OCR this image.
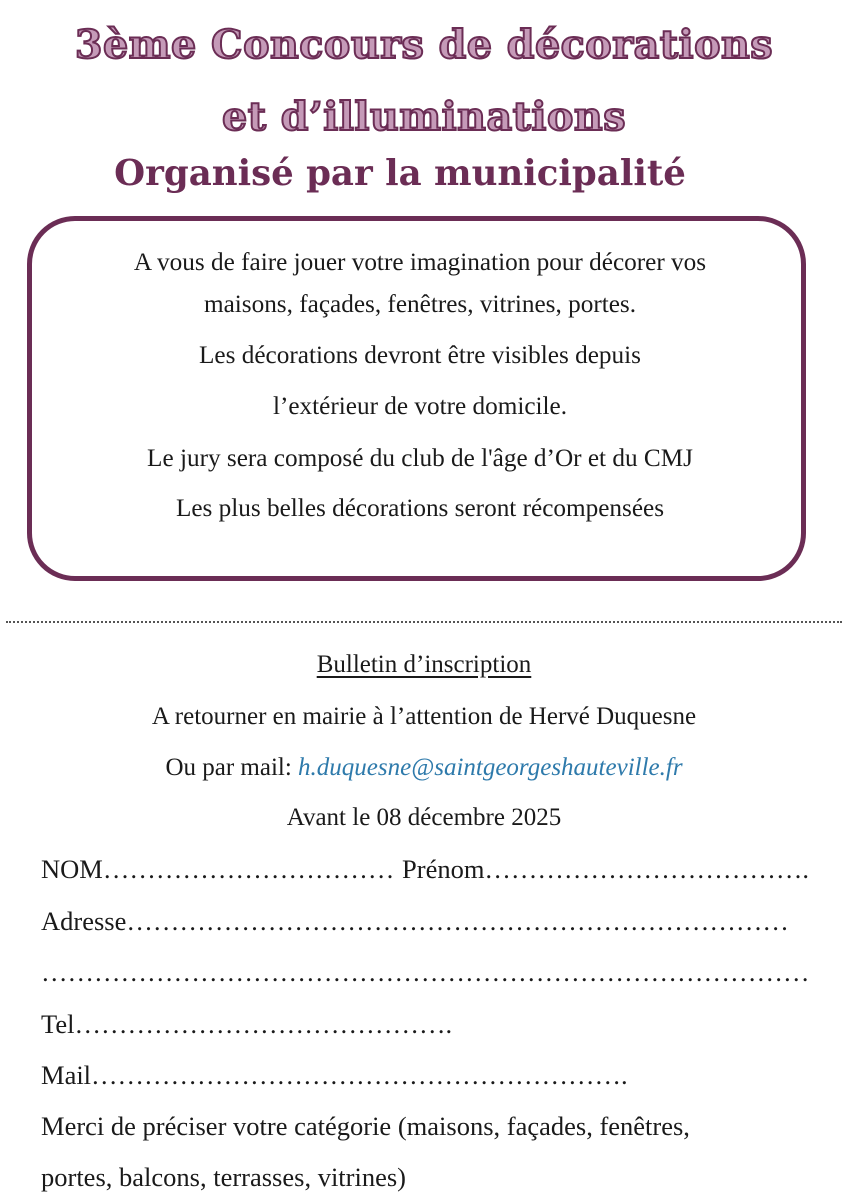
3ème Concours de décorations
et d’illuminations
Organisé par la municipalité
A vous de faire jouer votre imagination pour décorer vos
maisons, façades, fenêtres, vitrines, portes.
Les décorations devront être visibles depuis
l’extérieur de votre domicile.
Le jury sera composé du club de l'âge d’Or et du CMJ
Les plus belles décorations seront récompensées
Bulletin d’inscription
A retourner en mairie à l’attention de Hervé Duquesne
Ou par mail: h.duquesne@saintgeorgeshauteville.fr
Avant le 08 décembre 2025
NOM…………………………… Prénom……………………………….
Adresse…………………………………………………………………
……………………………………………………………………………
Tel…………………………………….
Mail…………………………………………………….
Merci de préciser votre catégorie (maisons, façades, fenêtres,
portes, balcons, terrasses, vitrines)
